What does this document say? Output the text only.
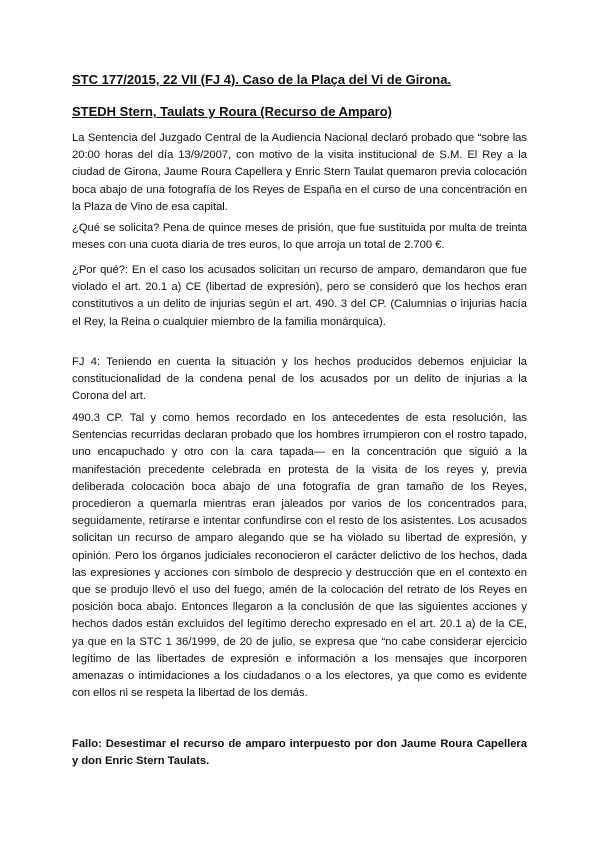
STC 177/2015, 22 VII (FJ 4). Caso de la Plaça del Vi de Girona.
STEDH Stern, Taulats y Roura (Recurso de Amparo)

La Sentencia del Juzgado Central de la Audiencia Nacional declaró probado que “sobre las 20:00 horas del día 13/9/2007, con motivo de la visita institucional de S.M. El Rey a la ciudad de Girona, Jaume Roura Capellera y Enric Stern Taulat quemaron previa colocación boca abajo de una fotografía de los Reyes de España en el curso de una concentración en la Plaza de Vino de esa capital.

¿Qué se solicita? Pena de quince meses de prisión, que fue sustituida por multa de treinta meses con una cuota diaria de tres euros, lo que arroja un total de 2.700 €.

¿Por qué?: En el caso los acusados solicitan un recurso de amparo, demandaron que fue violado el art. 20.1 a) CE (libertad de expresión), pero se consideró que los hechos eran constitutivos a un delito de injurias según el art. 490. 3 del CP. (Calumnias o injurias hacía el Rey, la Reina o cualquier miembro de la familia monárquica).

FJ 4: Teniendo en cuenta la situación y los hechos producidos debemos enjuiciar la constitucionalidad de la condena penal de los acusados por un delito de injurias a la Corona del art.

490.3 CP. Tal y como hemos recordado en los antecedentes de esta resolución, las Sentencias recurridas declaran probado que los hombres irrumpieron con el rostro tapado, uno encapuchado y otro con la cara tapada— en la concentración que siguió a la manifestación precedente celebrada en protesta de la visita de los reyes y, previa deliberada colocación boca abajo de una fotografía de gran tamaño de los Reyes, procedieron a quemarla mientras eran jaleados por varios de los concentrados para, seguidamente, retirarse e intentar confundirse con el resto de los asistentes. Los acusados solicitan un recurso de amparo alegando que se ha violado su libertad de expresión, y opinión. Pero los órganos judiciales reconocieron el carácter delictivo de los hechos, dada las expresiones y acciones con símbolo de desprecio y destrucción que en el contexto en que se produjo llevó el uso del fuego, amén de la colocación del retrato de los Reyes en posición boca abajo. Entonces llegaron a la conclusión de que las siguientes acciones y hechos dados están excluidos del legítimo derecho expresado en el art. 20.1 a) de la CE, ya que en la STC 1 36/1999, de 20 de julio, se expresa que “no cabe considerar ejercicio legítimo de las libertades de expresión e información a los mensajes que incorporen amenazas o intimidaciones a los ciudadanos o a los electores, ya que como es evidente con ellos ni se respeta la libertad de los demás.

Fallo: Desestimar el recurso de amparo interpuesto por don Jaume Roura Capellera y don Enric Stern Taulats.
